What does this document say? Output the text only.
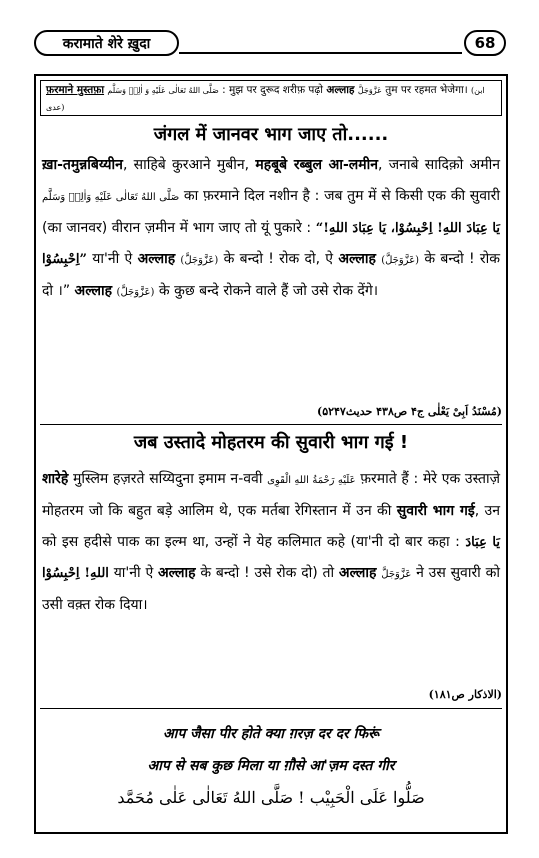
करामाते शेरे ख़ुदा	68
फ़रमाने मुस्तफ़ा صَلَّى اللهُ تَعَالٰى عَلَيْهِ وَ اٰلِهٖ وَسَلَّم : मुझ पर दुरूद शरीफ़ पढ़ो अल्लाह عَزَّوَجَلَّ तुम पर रहमत भेजेगा। (ابن عدی)
जंगल में जानवर भाग जाए तो......

ख़ा-तमुन्नबिय्यीन, साहिबे कुरआने मुबीन, महबूबे रब्बुल आ-लमीन, जनाबे सादिक़ो अमीन صَلَّى اللهُ تَعَالٰى عَلَيْهِ وَاٰلِهٖ وَسَلَّم का फ़रमाने दिल नशीन है : जब तुम में से किसी एक की सुवारी (का जानवर) वीरान ज़मीन में भाग जाए तो यूं पुकारे : “يَا عِبَادَ اللهِ! اِحْبِسُوْا، يَا عِبَادَ اللهِ! اِحْبِسُوْا” या'नी ऐ अल्लाह (عَزَّوَجَلَّ) के बन्दो ! रोक दो, ऐ अल्लाह (عَزَّوَجَلَّ) के बन्दो ! रोक दो ।” अल्लाह (عَزَّوَجَلَّ) के कुछ बन्दे रोकने वाले हैं जो उसे रोक देंगे।

(مُسْنَدُ اَبِیْ یَعْلٰی ج۴ ص۴۳۸ حدیث۵۲۴۷)
जब उस्तादे मोहतरम की सुवारी भाग गई !

शारेहे मुस्लिम हज़रते सय्यिदुना इमाम न-ववी عَلَيْهِ رَحْمَةُ اللهِ الْقَوِی फ़रमाते हैं : मेरे एक उस्ताज़े मोहतरम जो कि बहुत बड़े आलिम थे, एक मर्तबा रेगिस्तान में उन की सुवारी भाग गई, उन को इस हदीसे पाक का इल्म था, उन्हों ने येह कलिमात कहे (या'नी दो बार कहा : يَا عِبَادَ اللهِ! اِحْبِسُوْا या'नी ऐ अल्लाह के बन्दो ! उसे रोक दो) तो अल्लाह عَزَّوَجَلَّ ने उस सुवारी को उसी वक़्त रोक दिया।

(الاذکار ص۱۸۱)
आप जैसा पीर होते क्या ग़रज़ दर दर फिरूं
आप से सब कुछ मिला या ग़ौसे आ'ज़म दस्त गीर
صَلُّوا عَلَى الْحَبِيْب ! صَلَّى اللهُ تَعَالٰى عَلٰى مُحَمَّد
